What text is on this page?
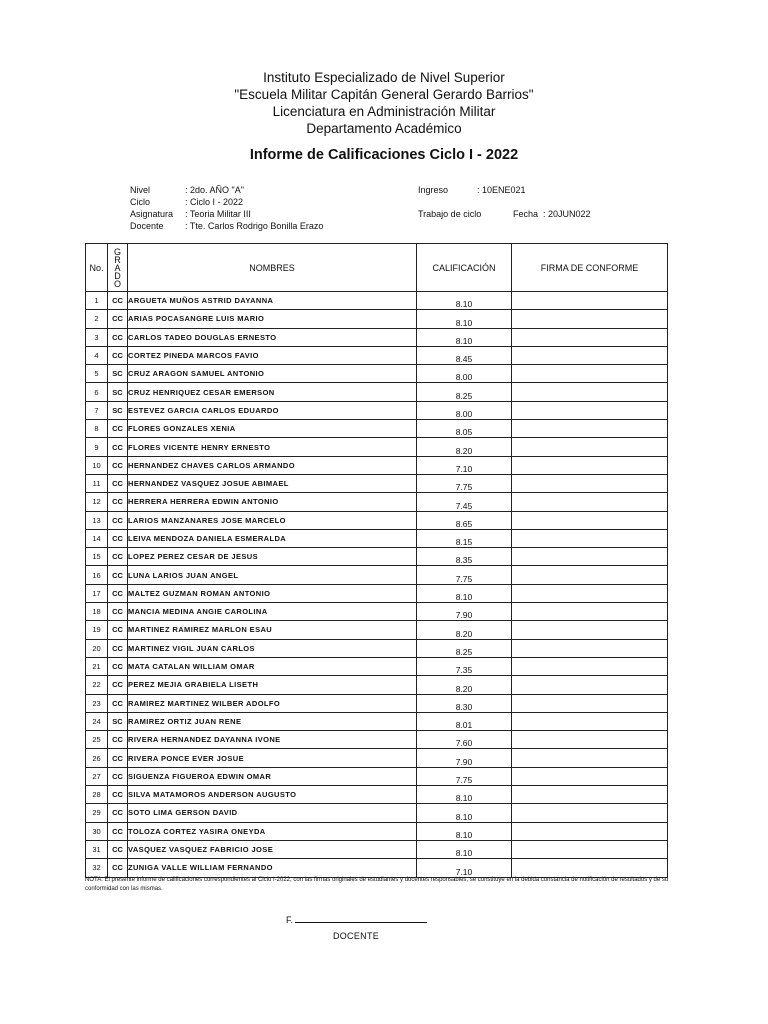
Instituto Especializado de Nivel Superior
"Escuela Militar Capitán General Gerardo Barrios"
Licenciatura en Administración Militar
Departamento Académico
Informe de Calificaciones Ciclo I - 2022
Nivel	: 2do. AÑO "A"
Ciclo	: Ciclo I - 2022
Asignatura : Teoria Militar III
Docente : Tte. Carlos Rodrigo Bonilla Erazo
Ingreso	: 10ENE021
Trabajo de ciclo	Fecha : 20JUN022
No.	G
R
A
D
O	NOMBRES	CALIFICACIÓN	FIRMA DE CONFORME
1	CC	ARGUETA MUÑOS ASTRID DAYANNA	8.10	
2	CC	ARIAS POCASANGRE LUIS MARIO	8.10	
3	CC	CARLOS TADEO DOUGLAS ERNESTO	8.10	
4	CC	CORTEZ PINEDA MARCOS FAVIO	8.45	
5	SC	CRUZ ARAGON SAMUEL ANTONIO	8.00	
6	SC	CRUZ HENRIQUEZ CESAR EMERSON	8.25	
7	SC	ESTEVEZ GARCIA CARLOS EDUARDO	8.00	
8	CC	FLORES GONZALES XENIA	8.05	
9	CC	FLORES VICENTE HENRY ERNESTO	8.20	
10	CC	HERNANDEZ CHAVES CARLOS ARMANDO	7.10	
11	CC	HERNANDEZ VASQUEZ JOSUE ABIMAEL	7.75	
12	CC	HERRERA HERRERA EDWIN ANTONIO	7.45	
13	CC	LARIOS MANZANARES JOSE MARCELO	8.65	
14	CC	LEIVA MENDOZA DANIELA ESMERALDA	8.15	
15	CC	LOPEZ PEREZ CESAR DE JESUS	8.35	
16	CC	LUNA LARIOS JUAN ANGEL	7.75	
17	CC	MALTEZ GUZMAN ROMAN ANTONIO	8.10	
18	CC	MANCIA MEDINA ANGIE CAROLINA	7.90	
19	CC	MARTINEZ RAMIREZ MARLON ESAU	8.20	
20	CC	MARTINEZ VIGIL JUAN CARLOS	8.25	
21	CC	MATA CATALAN WILLIAM OMAR	7.35	
22	CC	PEREZ MEJIA GRABIELA LISETH	8.20	
23	CC	RAMIREZ MARTINEZ WILBER ADOLFO	8.30	
24	SC	RAMIREZ ORTIZ JUAN RENE	8.01	
25	CC	RIVERA HERNANDEZ DAYANNA IVONE	7.60	
26	CC	RIVERA PONCE EVER JOSUE	7.90	
27	CC	SIGUENZA FIGUEROA EDWIN OMAR	7.75	
28	CC	SILVA MATAMOROS ANDERSON AUGUSTO	8.10	
29	CC	SOTO LIMA GERSON DAVID	8.10	
30	CC	TOLOZA CORTEZ YASIRA ONEYDA	8.10	
31	CC	VASQUEZ VASQUEZ FABRICIO JOSE	8.10	
32	CC	ZUNIGA VALLE WILLIAM FERNANDO	7.10	
NOTA: El presente informe de calificaciones correspondientes al Ciclo I-2022, con las firmas originales de estudiantes y docentes responsables, se constituye en la debida constancia de notificación de resultados y de su conformidad con las mismas.
F.
DOCENTE
